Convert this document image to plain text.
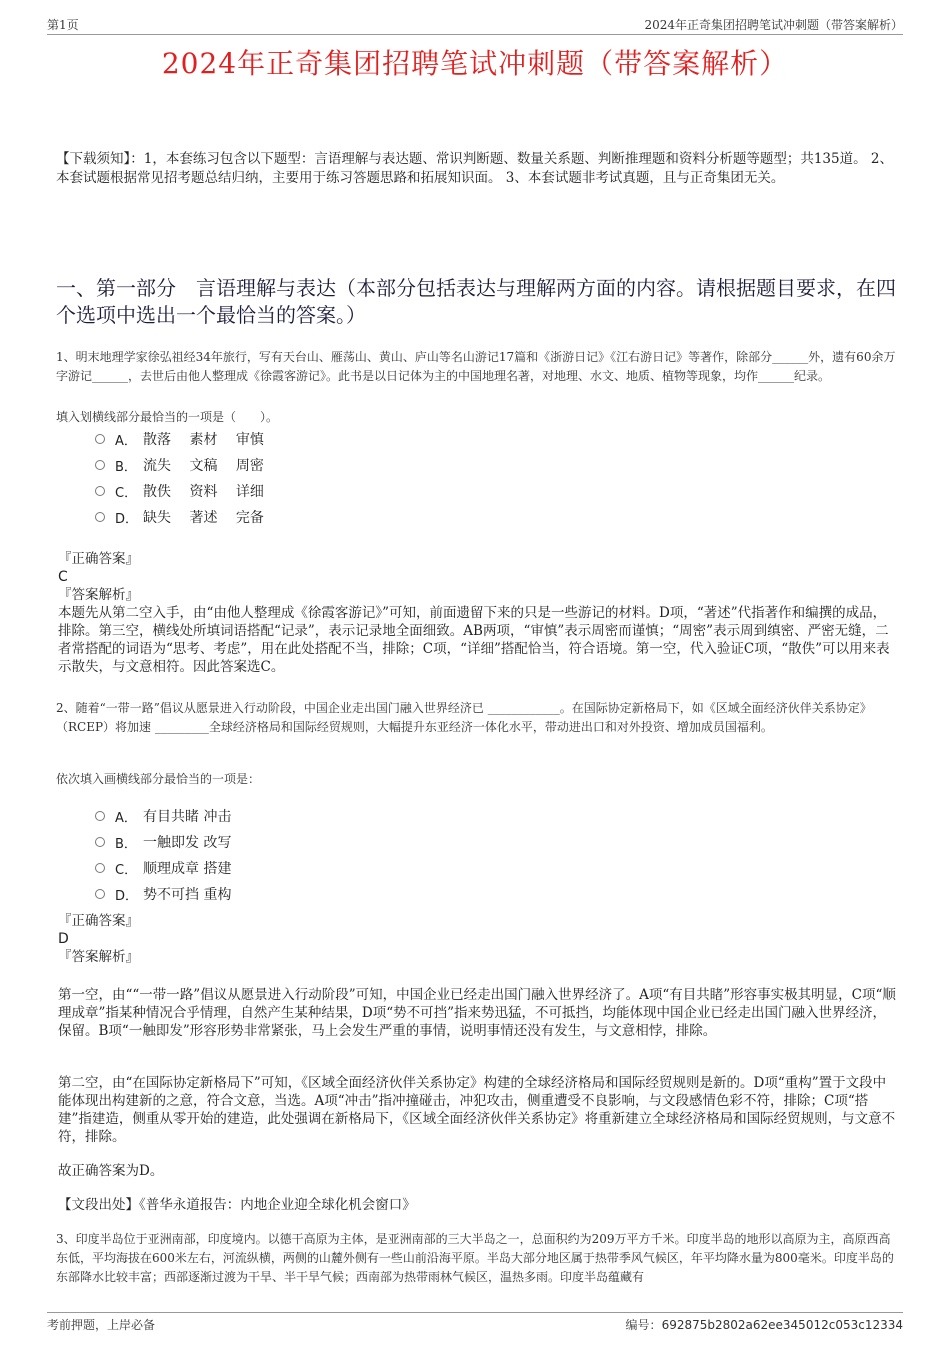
第1页	2024年正奇集团招聘笔试冲刺题（带答案解析）
2024年正奇集团招聘笔试冲刺题（带答案解析）
【下载须知】：1，本套练习包含以下题型：言语理解与表达题、常识判断题、数量关系题、判断推理题和资料分析题等题型；共135道。 2、本套试题根据常见招考题总结归纳，主要用于练习答题思路和拓展知识面。 3、本套试题非考试真题，且与正奇集团无关。
一、第一部分　言语理解与表达（本部分包括表达与理解两方面的内容。请根据题目要求，在四个选项中选出一个最恰当的答案。）
1、明末地理学家徐弘祖经34年旅行，写有天台山、雁荡山、黄山、庐山等名山游记17篇和《浙游日记》《江右游日记》等著作，除部分______外，遗有60余万字游记______，去世后由他人整理成《徐霞客游记》。此书是以日记体为主的中国地理名著，对地理、水文、地质、植物等现象，均作______纪录。
填入划横线部分最恰当的一项是（　　）。
A． 散落　 素材　 审慎
B． 流失　 文稿　 周密
C． 散佚　 资料　 详细
D． 缺失　 著述　 完备

『正确答案』

C

『答案解析』

本题先从第二空入手，由“由他人整理成《徐霞客游记》”可知，前面遗留下来的只是一些游记的材料。D项，“著述”代指著作和编撰的成品，排除。第三空，横线处所填词语搭配“记录”，表示记录地全面细致。AB两项，“审慎”表示周密而谨慎；“周密”表示周到缜密、严密无缝，二者常搭配的词语为“思考、考虑”，用在此处搭配不当，排除；C项，“详细”搭配恰当，符合语境。第一空，代入验证C项，“散佚”可以用来表示散失，与文意相符。因此答案选C。

2、随着“一带一路”倡议从愿景进入行动阶段，中国企业走出国门融入世界经济已 ____________。在国际协定新格局下，如《区域全面经济伙伴关系协定》（RCEP）将加速 _________全球经济格局和国际经贸规则，大幅提升东亚经济一体化水平，带动进出口和对外投资、增加成员国福利。
依次填入画横线部分最恰当的一项是：
A． 有目共睹 冲击
B． 一触即发 改写
C． 顺理成章 搭建
D． 势不可挡 重构

『正确答案』

D

『答案解析』

第一空，由““一带一路”倡议从愿景进入行动阶段”可知，中国企业已经走出国门融入世界经济了。A项“有目共睹”形容事实极其明显，C项“顺理成章”指某种情况合乎情理，自然产生某种结果，D项“势不可挡”指来势迅猛，不可抵挡，均能体现中国企业已经走出国门融入世界经济，保留。B项“一触即发”形容形势非常紧张，马上会发生严重的事情，说明事情还没有发生，与文意相悖，排除。
第二空，由“在国际协定新格局下”可知，《区域全面经济伙伴关系协定》构建的全球经济格局和国际经贸规则是新的。D项“重构”置于文段中能体现出构建新的之意，符合文意，当选。A项“冲击”指冲撞碰击，冲犯攻击，侧重遭受不良影响，与文段感情色彩不符，排除；C项“搭建”指建造，侧重从零开始的建造，此处强调在新格局下，《区域全面经济伙伴关系协定》将重新建立全球经济格局和国际经贸规则，与文意不符，排除。
故正确答案为D。
【文段出处】《普华永道报告：内地企业迎全球化机会窗口》
3、印度半岛位于亚洲南部，印度境内。以德干高原为主体，是亚洲南部的三大半岛之一，总面积约为209万平方千米。印度半岛的地形以高原为主，高原西高东低，平均海拔在600米左右，河流纵横，两侧的山麓外侧有一些山前沿海平原。半岛大部分地区属于热带季风气候区，年平均降水量为800毫米。印度半岛的东部降水比较丰富；西部逐渐过渡为干旱、半干旱气候；西南部为热带雨林气候区，温热多雨。印度半岛蕴藏有
考前押题，上岸必备	编号：692875b2802a62ee345012c053c12334
